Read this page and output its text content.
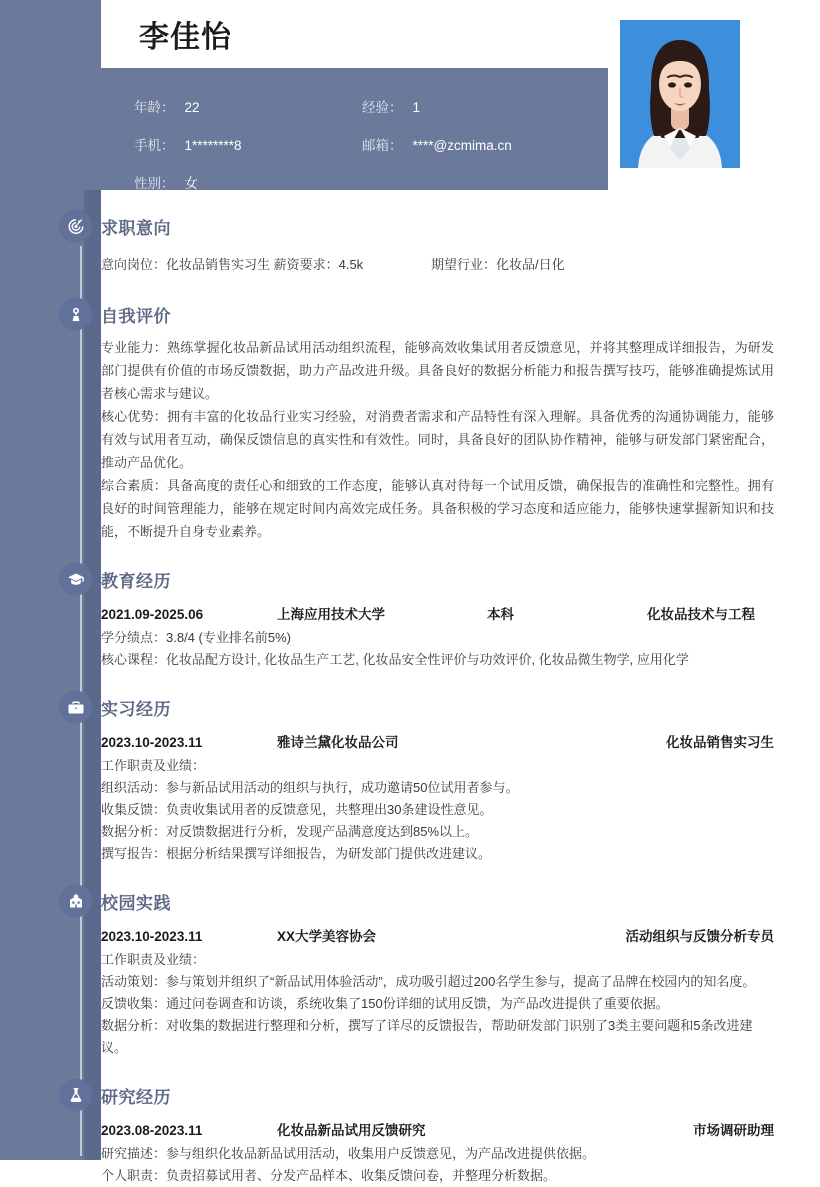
李佳怡
年龄： 22	经验： 1
手机： 1********8	邮箱： ****@zcmima.cn
性别： 女
求职意向
意向岗位：化妆品销售实习生 薪资要求：4.5k	期望行业：化妆品/日化
自我评价
专业能力：熟练掌握化妆品新品试用活动组织流程，能够高效收集试用者反馈意见，并将其整理成详细报告，为研发部门提供有价值的市场反馈数据，助力产品改进升级。具备良好的数据分析能力和报告撰写技巧，能够准确提炼试用者核心需求与建议。
核心优势：拥有丰富的化妆品行业实习经验，对消费者需求和产品特性有深入理解。具备优秀的沟通协调能力，能够有效与试用者互动，确保反馈信息的真实性和有效性。同时，具备良好的团队协作精神，能够与研发部门紧密配合，推动产品优化。
综合素质：具备高度的责任心和细致的工作态度，能够认真对待每一个试用反馈，确保报告的准确性和完整性。拥有良好的时间管理能力，能够在规定时间内高效完成任务。具备积极的学习态度和适应能力，能够快速掌握新知识和技能，不断提升自身专业素养。
教育经历
2021.09-2025.06	上海应用技术大学	本科	化妆品技术与工程
学分绩点：3.8/4 (专业排名前5%)
核心课程：化妆品配方设计, 化妆品生产工艺, 化妆品安全性评价与功效评价, 化妆品微生物学, 应用化学
实习经历
2023.10-2023.11	雅诗兰黛化妆品公司	化妆品销售实习生
工作职责及业绩：
组织活动：参与新品试用活动的组织与执行，成功邀请50位试用者参与。
收集反馈：负责收集试用者的反馈意见，共整理出30条建设性意见。
数据分析：对反馈数据进行分析，发现产品满意度达到85%以上。
撰写报告：根据分析结果撰写详细报告，为研发部门提供改进建议。
校园实践
2023.10-2023.11	XX大学美容协会	活动组织与反馈分析专员
工作职责及业绩：
活动策划：参与策划并组织了“新品试用体验活动”，成功吸引超过200名学生参与，提高了品牌在校园内的知名度。
反馈收集：通过问卷调查和访谈，系统收集了150份详细的试用反馈，为产品改进提供了重要依据。
数据分析：对收集的数据进行整理和分析，撰写了详尽的反馈报告，帮助研发部门识别了3类主要问题和5条改进建议。
研究经历
2023.08-2023.11	化妆品新品试用反馈研究	市场调研助理
研究描述：参与组织化妆品新品试用活动，收集用户反馈意见，为产品改进提供依据。
个人职责：负责招募试用者、分发产品样本、收集反馈问卷，并整理分析数据。
